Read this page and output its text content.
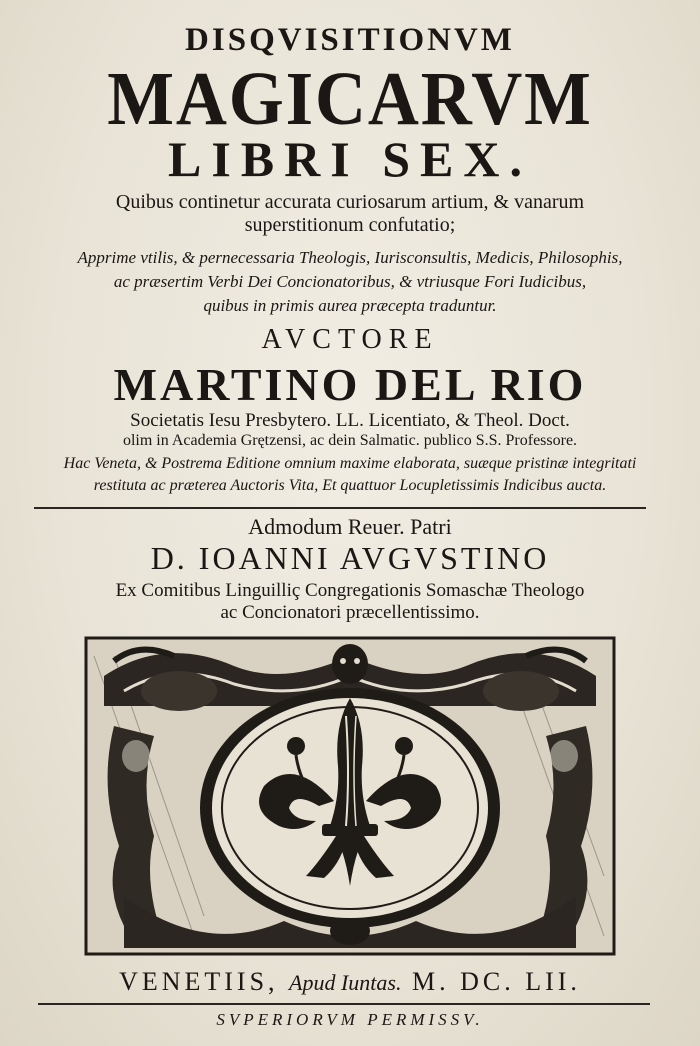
DISQVISITIONVM
MAGICARVM
LIBRI SEX.
Quibus continetur accurata curiosarum artium, & vanarum
superstitionum confutatio;
Apprime vtilis, & pernecessaria Theologis, Iurisconsultis, Medicis, Philosophis,
ac præsertim Verbi Dei Concionatoribus, & vtriusque Fori Iudicibus,
quibus in primis aurea præcepta traduntur.
AVCTORE
MARTINO DEL RIO
Societatis Iesu Presbytero. LL. Licentiato, & Theol. Doct.
olim in Academia Grętzensi, ac dein Salmatic. publico S.S. Professore.
Hac Veneta, & Postrema Editione omnium maxime elaborata, suæque pristinæ integritati
restituta ac præterea Auctoris Vita, Et quattuor Locupletissimis Indicibus aucta.
Admodum Reuer. Patri
D. IOANNI AVGVSTINO
Ex Comitibus Linguilliç Congregationis Somaschæ Theologo
ac Concionatori præcellentissimo.
VENETIIS, Apud Iuntas. M. DC. LII.
SVPERIORVM PERMISSV.
